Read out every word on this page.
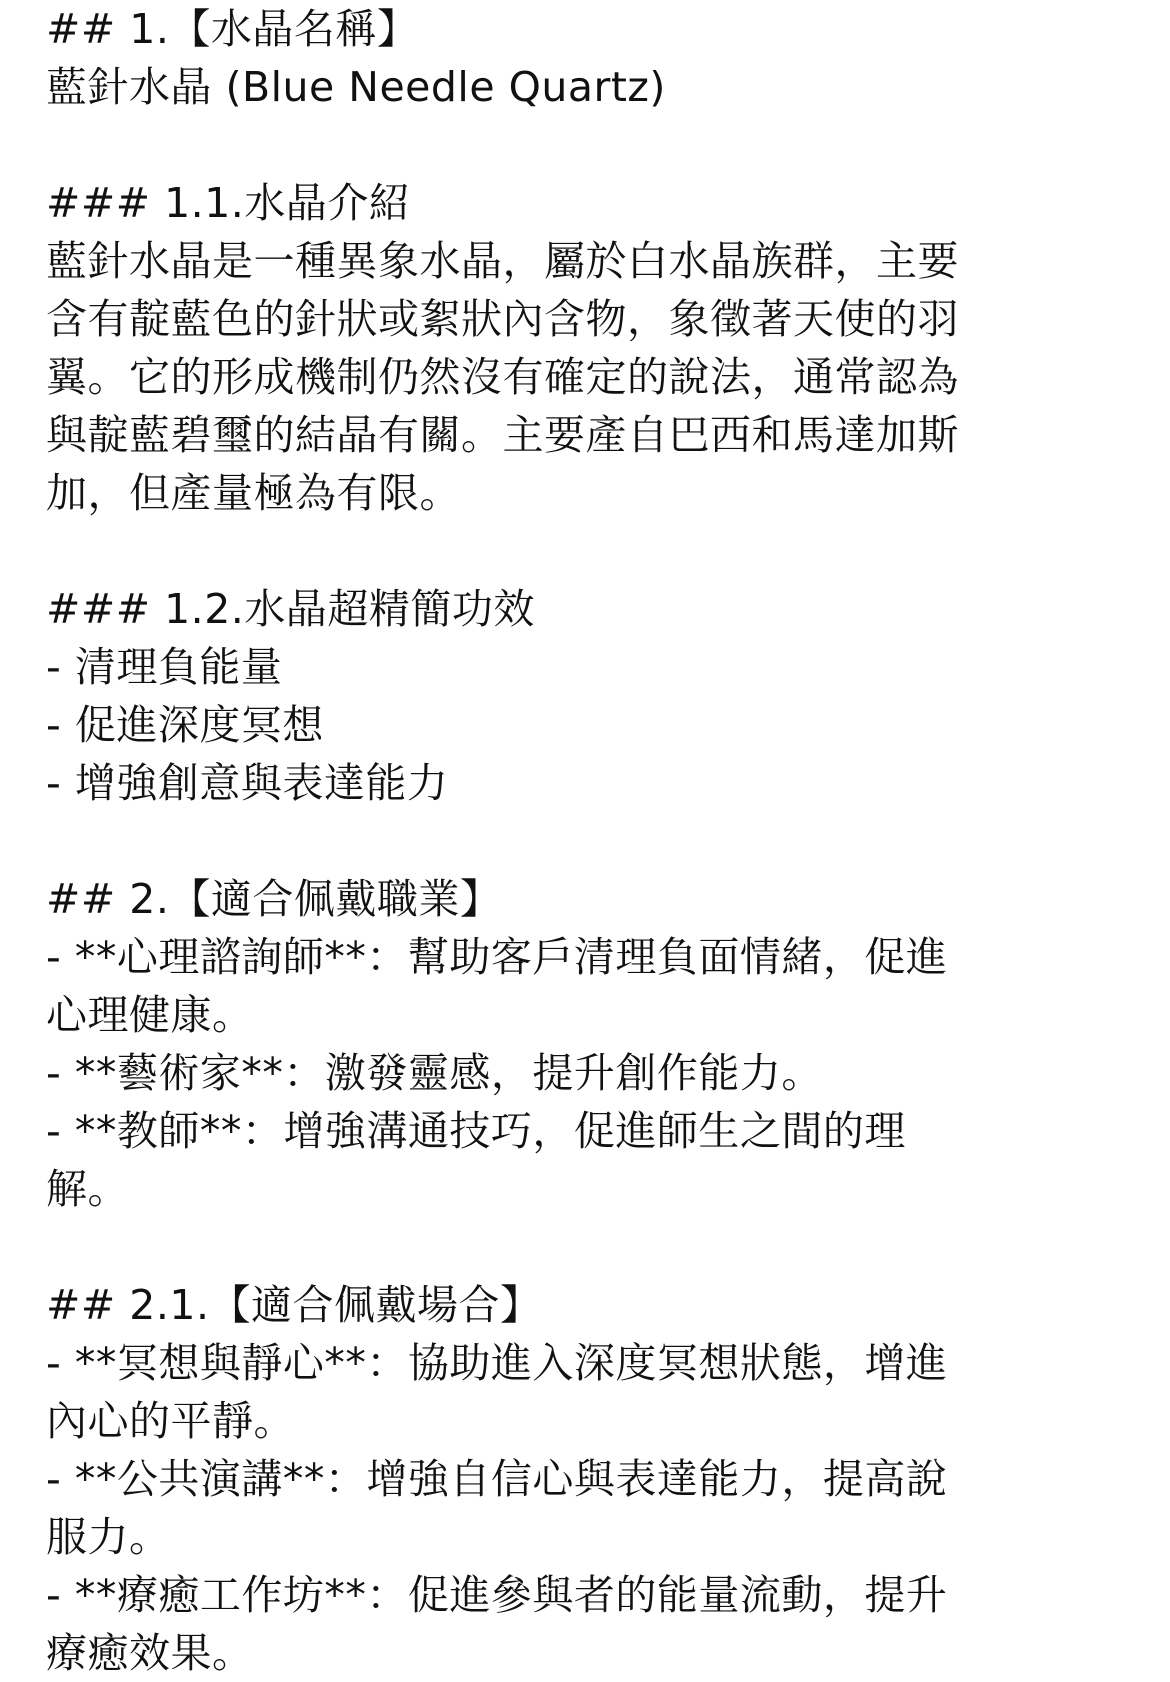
## 1.【水晶名稱】
藍針水晶 (Blue Needle Quartz)
### 1.1.水晶介紹
藍針水晶是一種異象水晶，屬於白水晶族群，主要
含有靛藍色的針狀或絮狀內含物，象徵著天使的羽
翼。它的形成機制仍然沒有確定的說法，通常認為
與靛藍碧璽的結晶有關。主要產自巴西和馬達加斯
加，但產量極為有限。
### 1.2.水晶超精簡功效
- 清理負能量
- 促進深度冥想
- 增強創意與表達能力
## 2.【適合佩戴職業】
- **心理諮詢師**：幫助客戶清理負面情緒，促進
心理健康。
- **藝術家**：激發靈感，提升創作能力。
- **教師**：增強溝通技巧，促進師生之間的理
解。
## 2.1.【適合佩戴場合】
- **冥想與靜心**：協助進入深度冥想狀態，增進
內心的平靜。
- **公共演講**：增強自信心與表達能力，提高說
服力。
- **療癒工作坊**：促進參與者的能量流動，提升
療癒效果。
